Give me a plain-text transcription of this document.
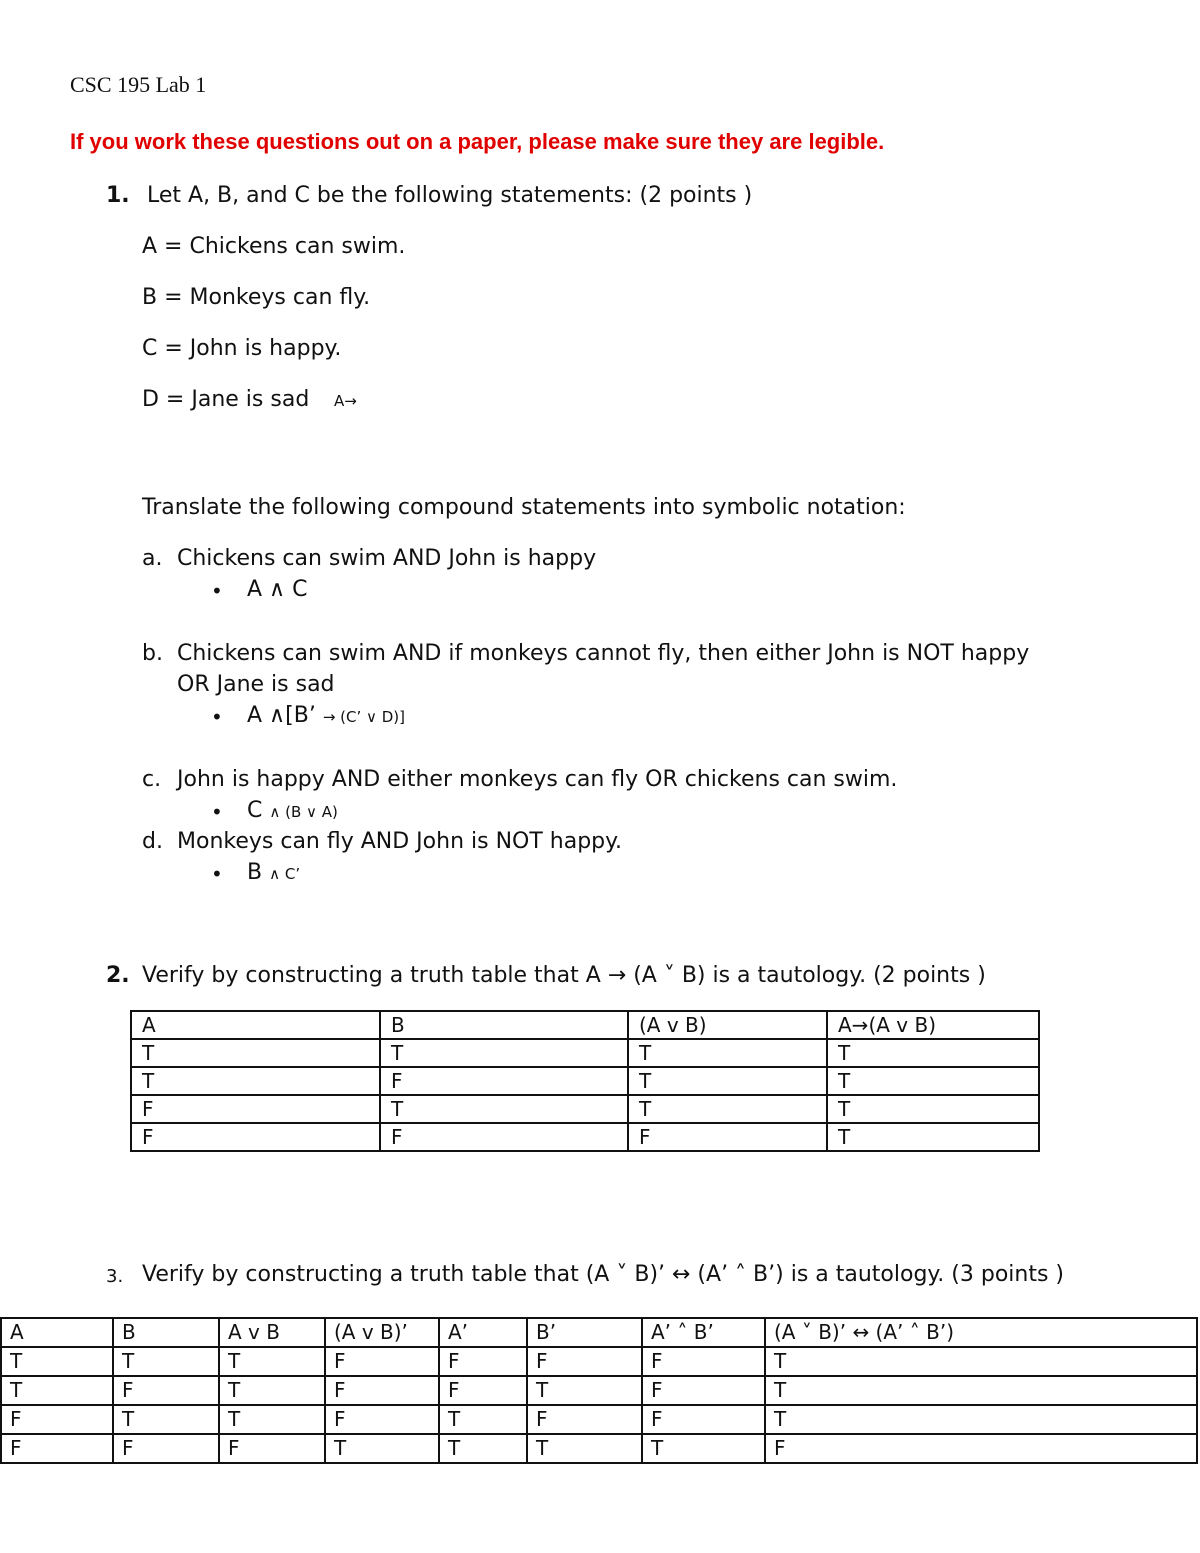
CSC 195 Lab 1
If you work these questions out on a paper, please make sure they are legible.
1. Let A, B, and C be the following statements: (2 points )
A = Chickens can swim.
B = Monkeys can fly.
C = John is happy.
D = Jane is sad A→
Translate the following compound statements into symbolic notation:
a. Chickens can swim AND John is happy
• A ∧ C
b. Chickens can swim AND if monkeys cannot fly, then either John is NOT happy
OR Jane is sad
• A ∧[B’ → (C’ ∨ D)]
c. John is happy AND either monkeys can fly OR chickens can swim.
• C ∧ (B ∨ A)
d. Monkeys can fly AND John is NOT happy.
• B ∧ C’
2. Verify by constructing a truth table that A → (A ˅ B) is a tautology. (2 points )
A	B	(A v B)	A→(A v B)
T	T	T	T
T	F	T	T
F	T	T	T
F	F	F	T
3. Verify by constructing a truth table that (A ˅ B)’ ↔ (A’ ˄ B’) is a tautology. (3 points )
A	B	A v B	(A v B)’	A’	B’	A’ ˄ B’	(A ˅ B)’ ↔ (A’ ˄ B’)
T	T	T	F	F	F	F	T
T	F	T	F	F	T	F	T
F	T	T	F	T	F	F	T
F	F	F	T	T	T	T	F
